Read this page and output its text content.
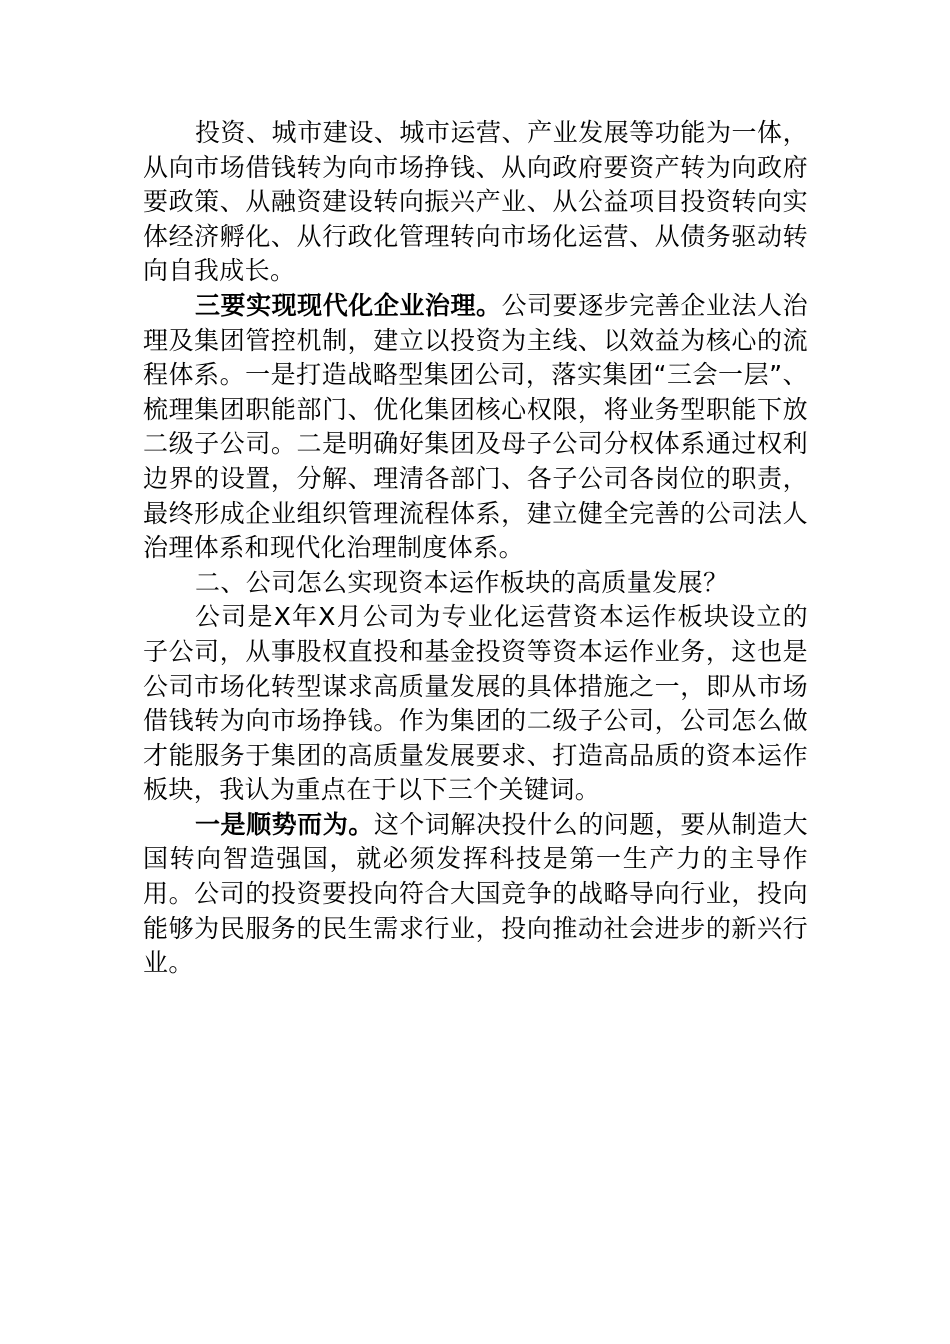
投资、城市建设、城市运营、产业发展等功能为一体，从向市场借钱转为向市场挣钱、从向政府要资产转为向政府要政策、从融资建设转向振兴产业、从公益项目投资转向实体经济孵化、从行政化管理转向市场化运营、从债务驱动转向自我成长。

三要实现现代化企业治理。公司要逐步完善企业法人治理及集团管控机制，建立以投资为主线、以效益为核心的流程体系。一是打造战略型集团公司，落实集团“三会一层”、梳理集团职能部门、优化集团核心权限，将业务型职能下放二级子公司。二是明确好集团及母子公司分权体系通过权利边界的设置，分解、理清各部门、各子公司各岗位的职责，最终形成企业组织管理流程体系，建立健全完善的公司法人治理体系和现代化治理制度体系。

二、公司怎么实现资本运作板块的高质量发展？

公司是X年X月公司为专业化运营资本运作板块设立的子公司，从事股权直投和基金投资等资本运作业务，这也是公司市场化转型谋求高质量发展的具体措施之一，即从市场借钱转为向市场挣钱。作为集团的二级子公司，公司怎么做才能服务于集团的高质量发展要求、打造高品质的资本运作板块，我认为重点在于以下三个关键词。

一是顺势而为。这个词解决投什么的问题，要从制造大国转向智造强国，就必须发挥科技是第一生产力的主导作用。公司的投资要投向符合大国竞争的战略导向行业，投向能够为民服务的民生需求行业，投向推动社会进步的新兴行业。
